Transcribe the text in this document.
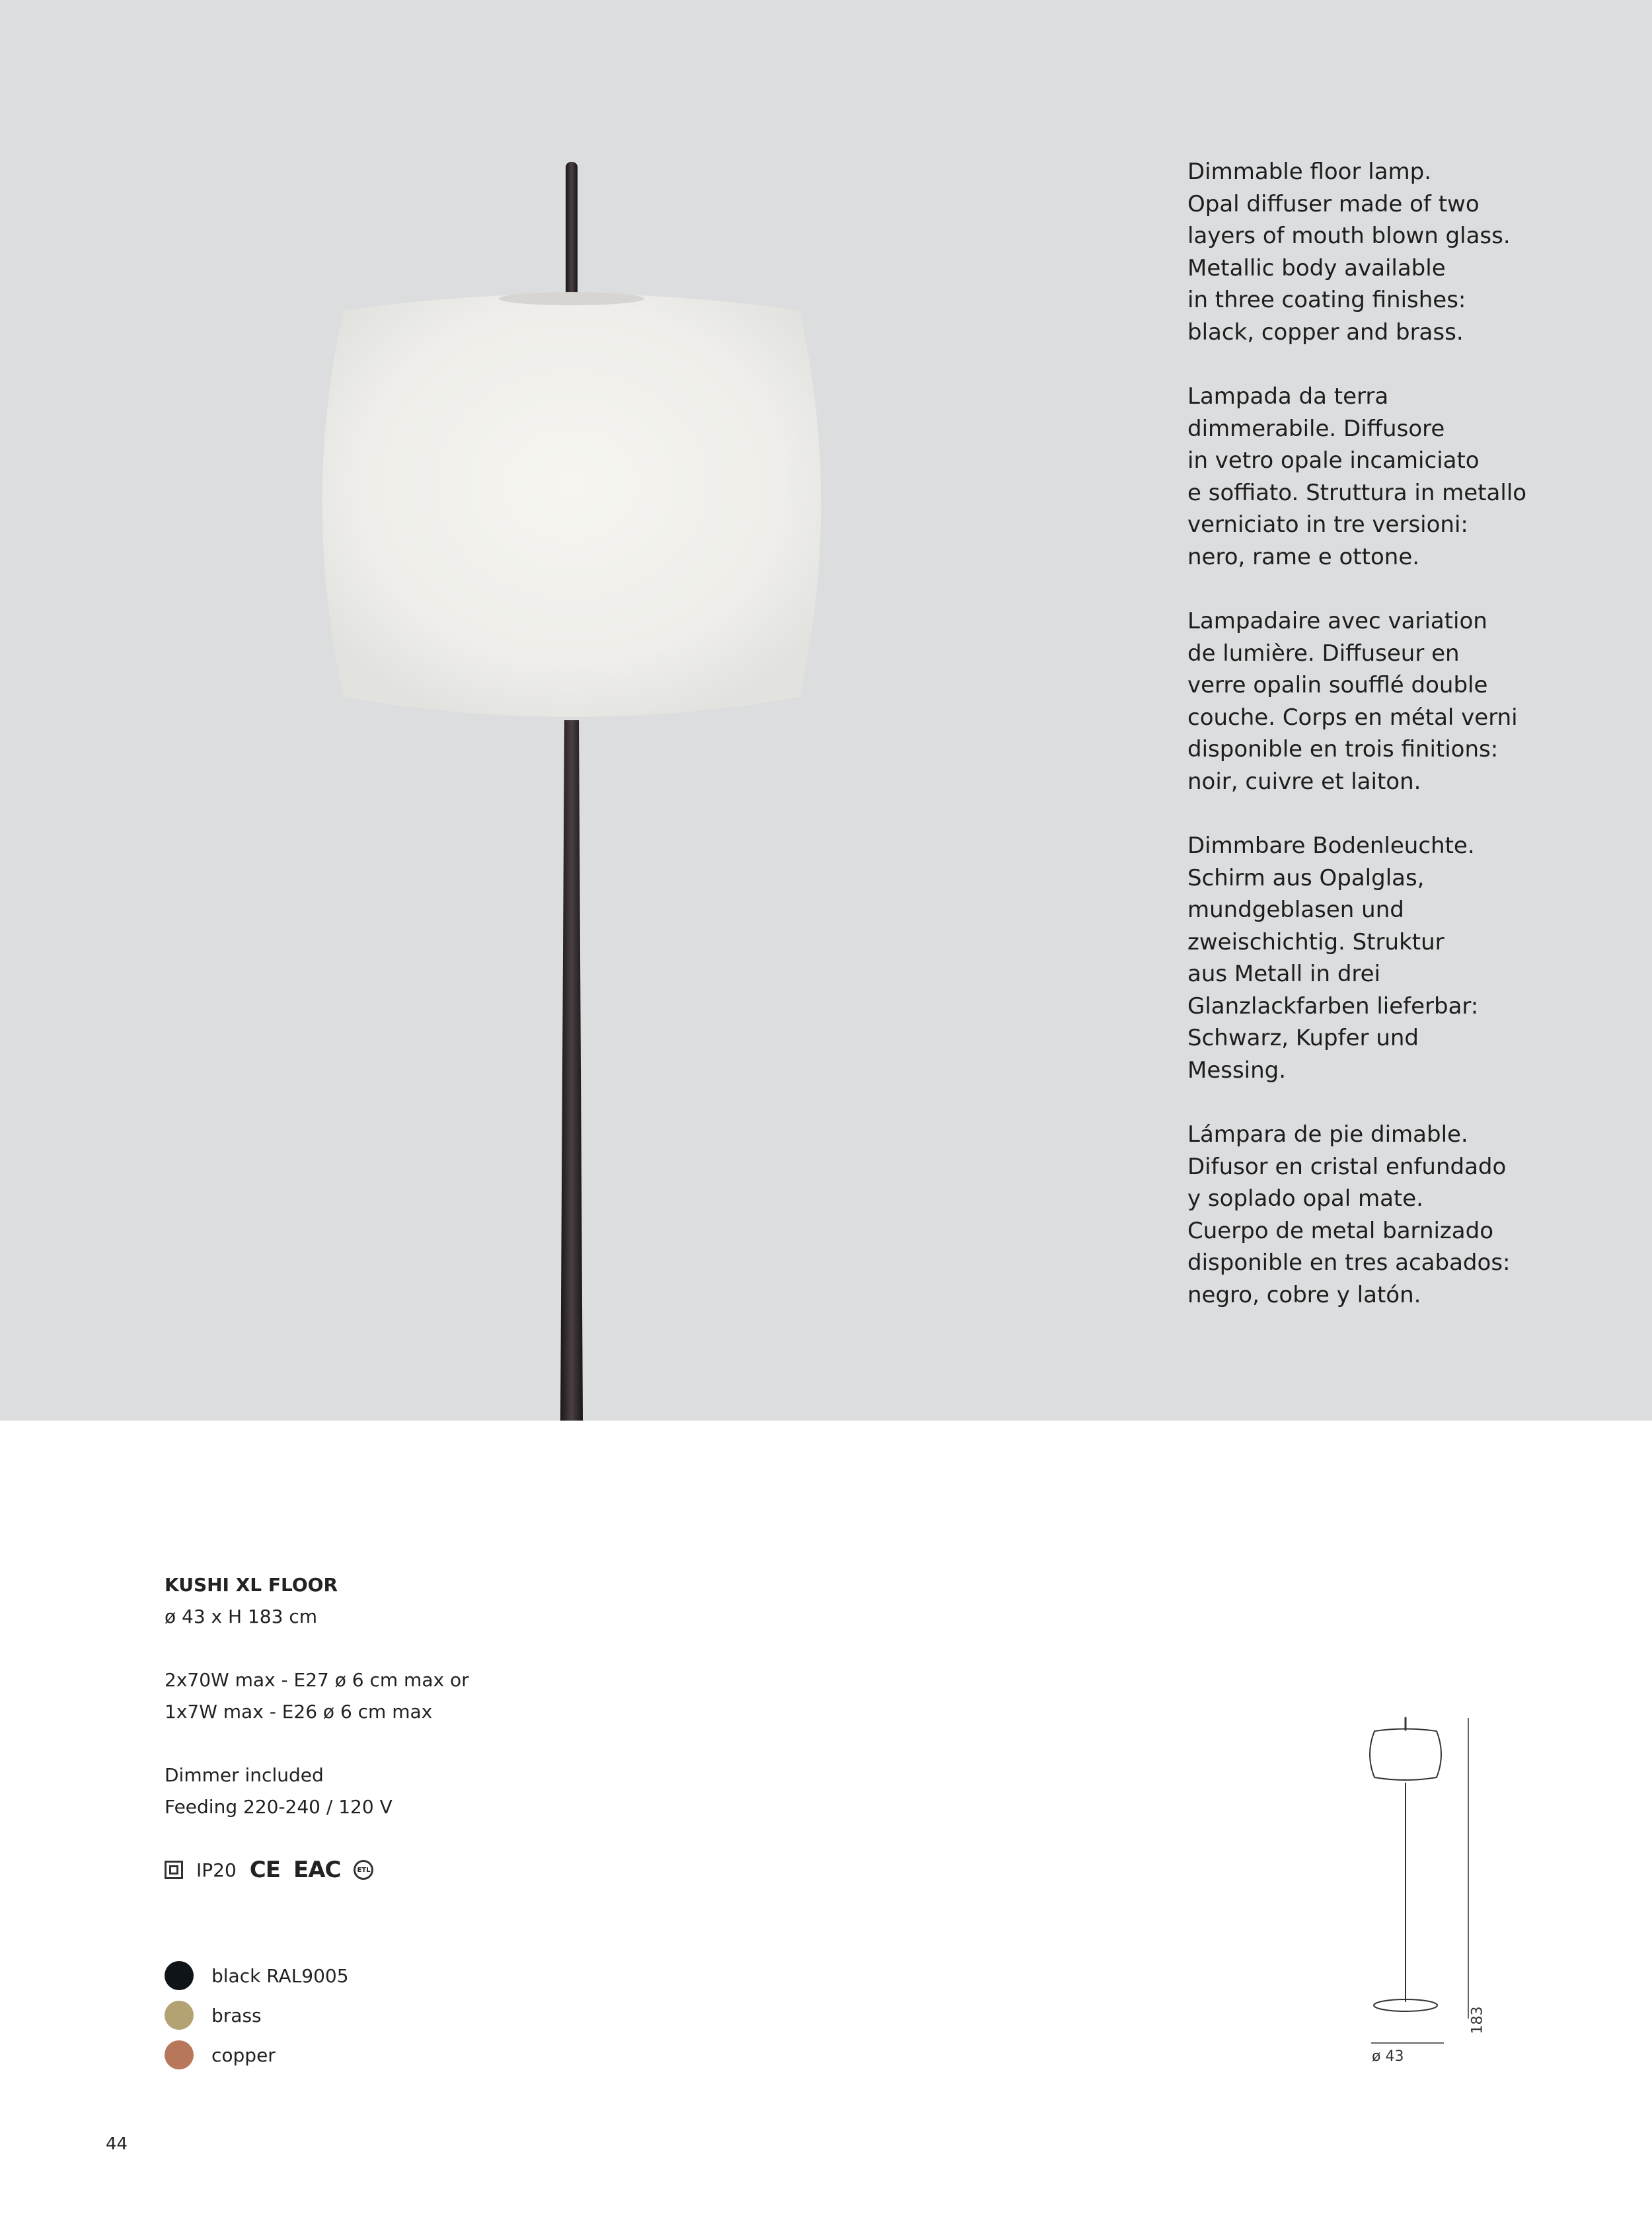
Dimmable floor lamp.
Opal diffuser made of two
layers of mouth blown glass.
Metallic body available
in three coating finishes:
black, copper and brass.

Lampada da terra
dimmerabile. Diffusore
in vetro opale incamiciato
e soffiato. Struttura in metallo
verniciato in tre versioni:
nero, rame e ottone.

Lampadaire avec variation
de lumière. Diffuseur en
verre opalin soufflé double
couche. Corps en métal verni
disponible en trois finitions:
noir, cuivre et laiton.

Dimmbare Bodenleuchte.
Schirm aus Opalglas,
mundgeblasen und
zweischichtig. Struktur
aus Metall in drei
Glanzlackfarben lieferbar:
Schwarz, Kupfer und
Messing.

Lámpara de pie dimable.
Difusor en cristal enfundado
y soplado opal mate.
Cuerpo de metal barnizado
disponible en tres acabados:
negro, cobre y latón.

KUSHI XL FLOOR
ø 43 x H 183 cm
2x70W max - E27 ø 6 cm max or
1x7W max - E26 ø 6 cm max
Dimmer included
Feeding 220-240 / 120 V
IP20 CE EAC	ETL
black RAL9005
brass
copper	ø 43
183
44
